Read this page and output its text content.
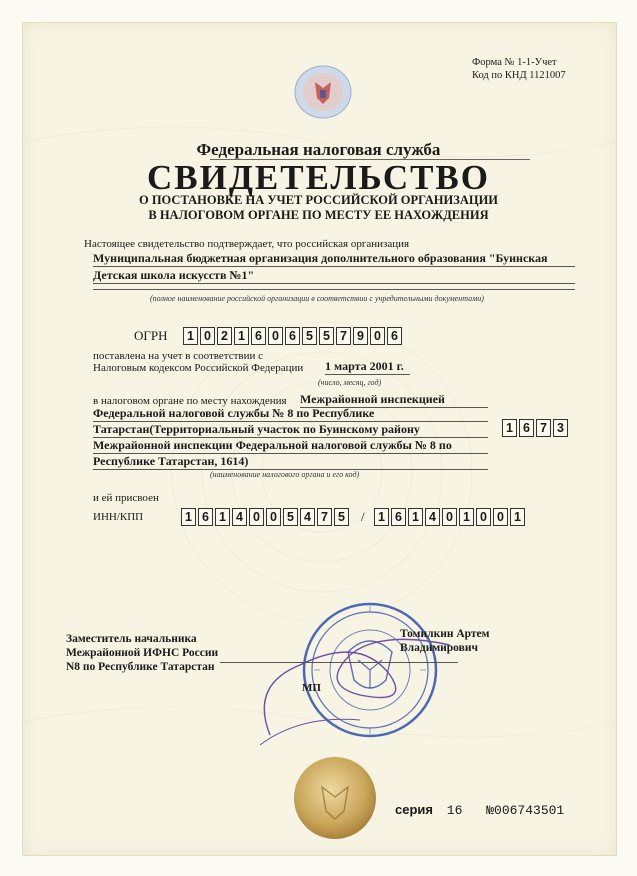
Форма № 1-1-Учет
Код по КНД 1121007
Федеральная налоговая служба
СВИДЕТЕЛЬСТВО
О ПОСТАНОВКЕ НА УЧЕТ РОССИЙСКОЙ ОРГАНИЗАЦИИ
В НАЛОГОВОМ ОРГАНЕ ПО МЕСТУ ЕЕ НАХОЖДЕНИЯ
Настоящее свидетельство подтверждает, что российская организация
Муниципальная бюджетная организация дополнительного образования "Буинская
Детская школа искусств №1"
(полное наименование российской организации в соответствии с учредительными документами)
ОГРН	1 0 2 1 6 0 6 5 5 7 9 0 6
поставлена на учет в соответствии с
Налоговым кодексом Российской Федерации 1 марта 2001 г.
(число, месяц, год)
в налоговом органе по месту нахождения Межрайонной инспекцией
Федеральной налоговой службы № 8 по Республике
Татарстан(Территориальный участок по Буинскому району
Межрайонной инспекции Федеральной налоговой службы № 8 по
Республике Татарстан, 1614)
(наименование налогового органа и его код)
1 6 7 3
и ей присвоен
ИНН/КПП	1 6 1 4 0 0 5 4 7 5	/	1 6 1 4 0 1 0 0 1
Заместитель начальника
Межрайонной ИФНС России
N8 по Республике Татарстан
Томилкин Артем
Владимирович
МП
серия 16 №006743501
